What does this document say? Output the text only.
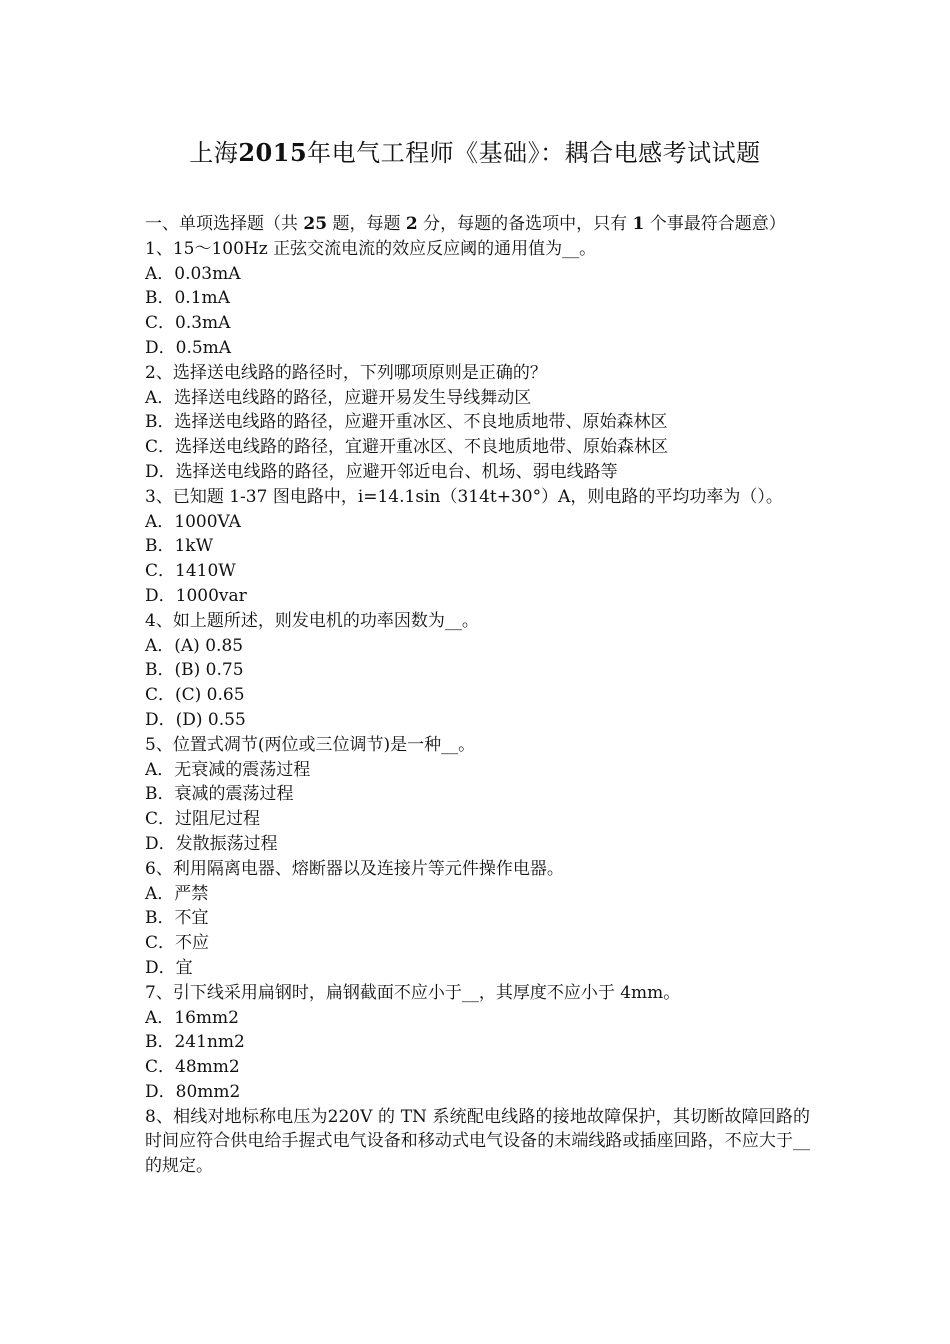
上海2015年电气工程师《基础》：耦合电感考试试题

一、单项选择题（共 25 题，每题 2 分，每题的备选项中，只有 1 个事最符合题意）

1、15～100Hz 正弦交流电流的效应反应阈的通用值为__。

A．0.03mA

B．0.1mA

C．0.3mA

D．0.5mA

2、选择送电线路的路径时，下列哪项原则是正确的？

A．选择送电线路的路径，应避开易发生导线舞动区

B．选择送电线路的路径，应避开重冰区、不良地质地带、原始森林区

C．选择送电线路的路径，宜避开重冰区、不良地质地带、原始森林区

D．选择送电线路的路径，应避开邻近电台、机场、弱电线路等

3、已知题 1-37 图电路中，i=14.1sin（314t+30°）A，则电路的平均功率为（）。

A．1000VA

B．1kW

C．1410W

D．1000var

4、如上题所述，则发电机的功率因数为__。

A．(A) 0.85

B．(B) 0.75

C．(C) 0.65

D．(D) 0.55

5、位置式凋节(两位或三位调节)是一种__。

A．无衰减的震荡过程

B．衰减的震荡过程

C．过阻尼过程

D．发散振荡过程

6、利用隔离电器、熔断器以及连接片等元件操作电器。

A．严禁

B．不宜

C．不应

D．宜

7、引下线采用扁钢时，扁钢截面不应小于__，其厚度不应小于 4mm。

A．16mm2

B．241nm2

C．48mm2

D．80mm2

8、相线对地标称电压为220V 的 TN 系统配电线路的接地故障保护，其切断故障回路的时间应符合供电给手握式电气设备和移动式电气设备的末端线路或插座回路，不应大于__的规定。
